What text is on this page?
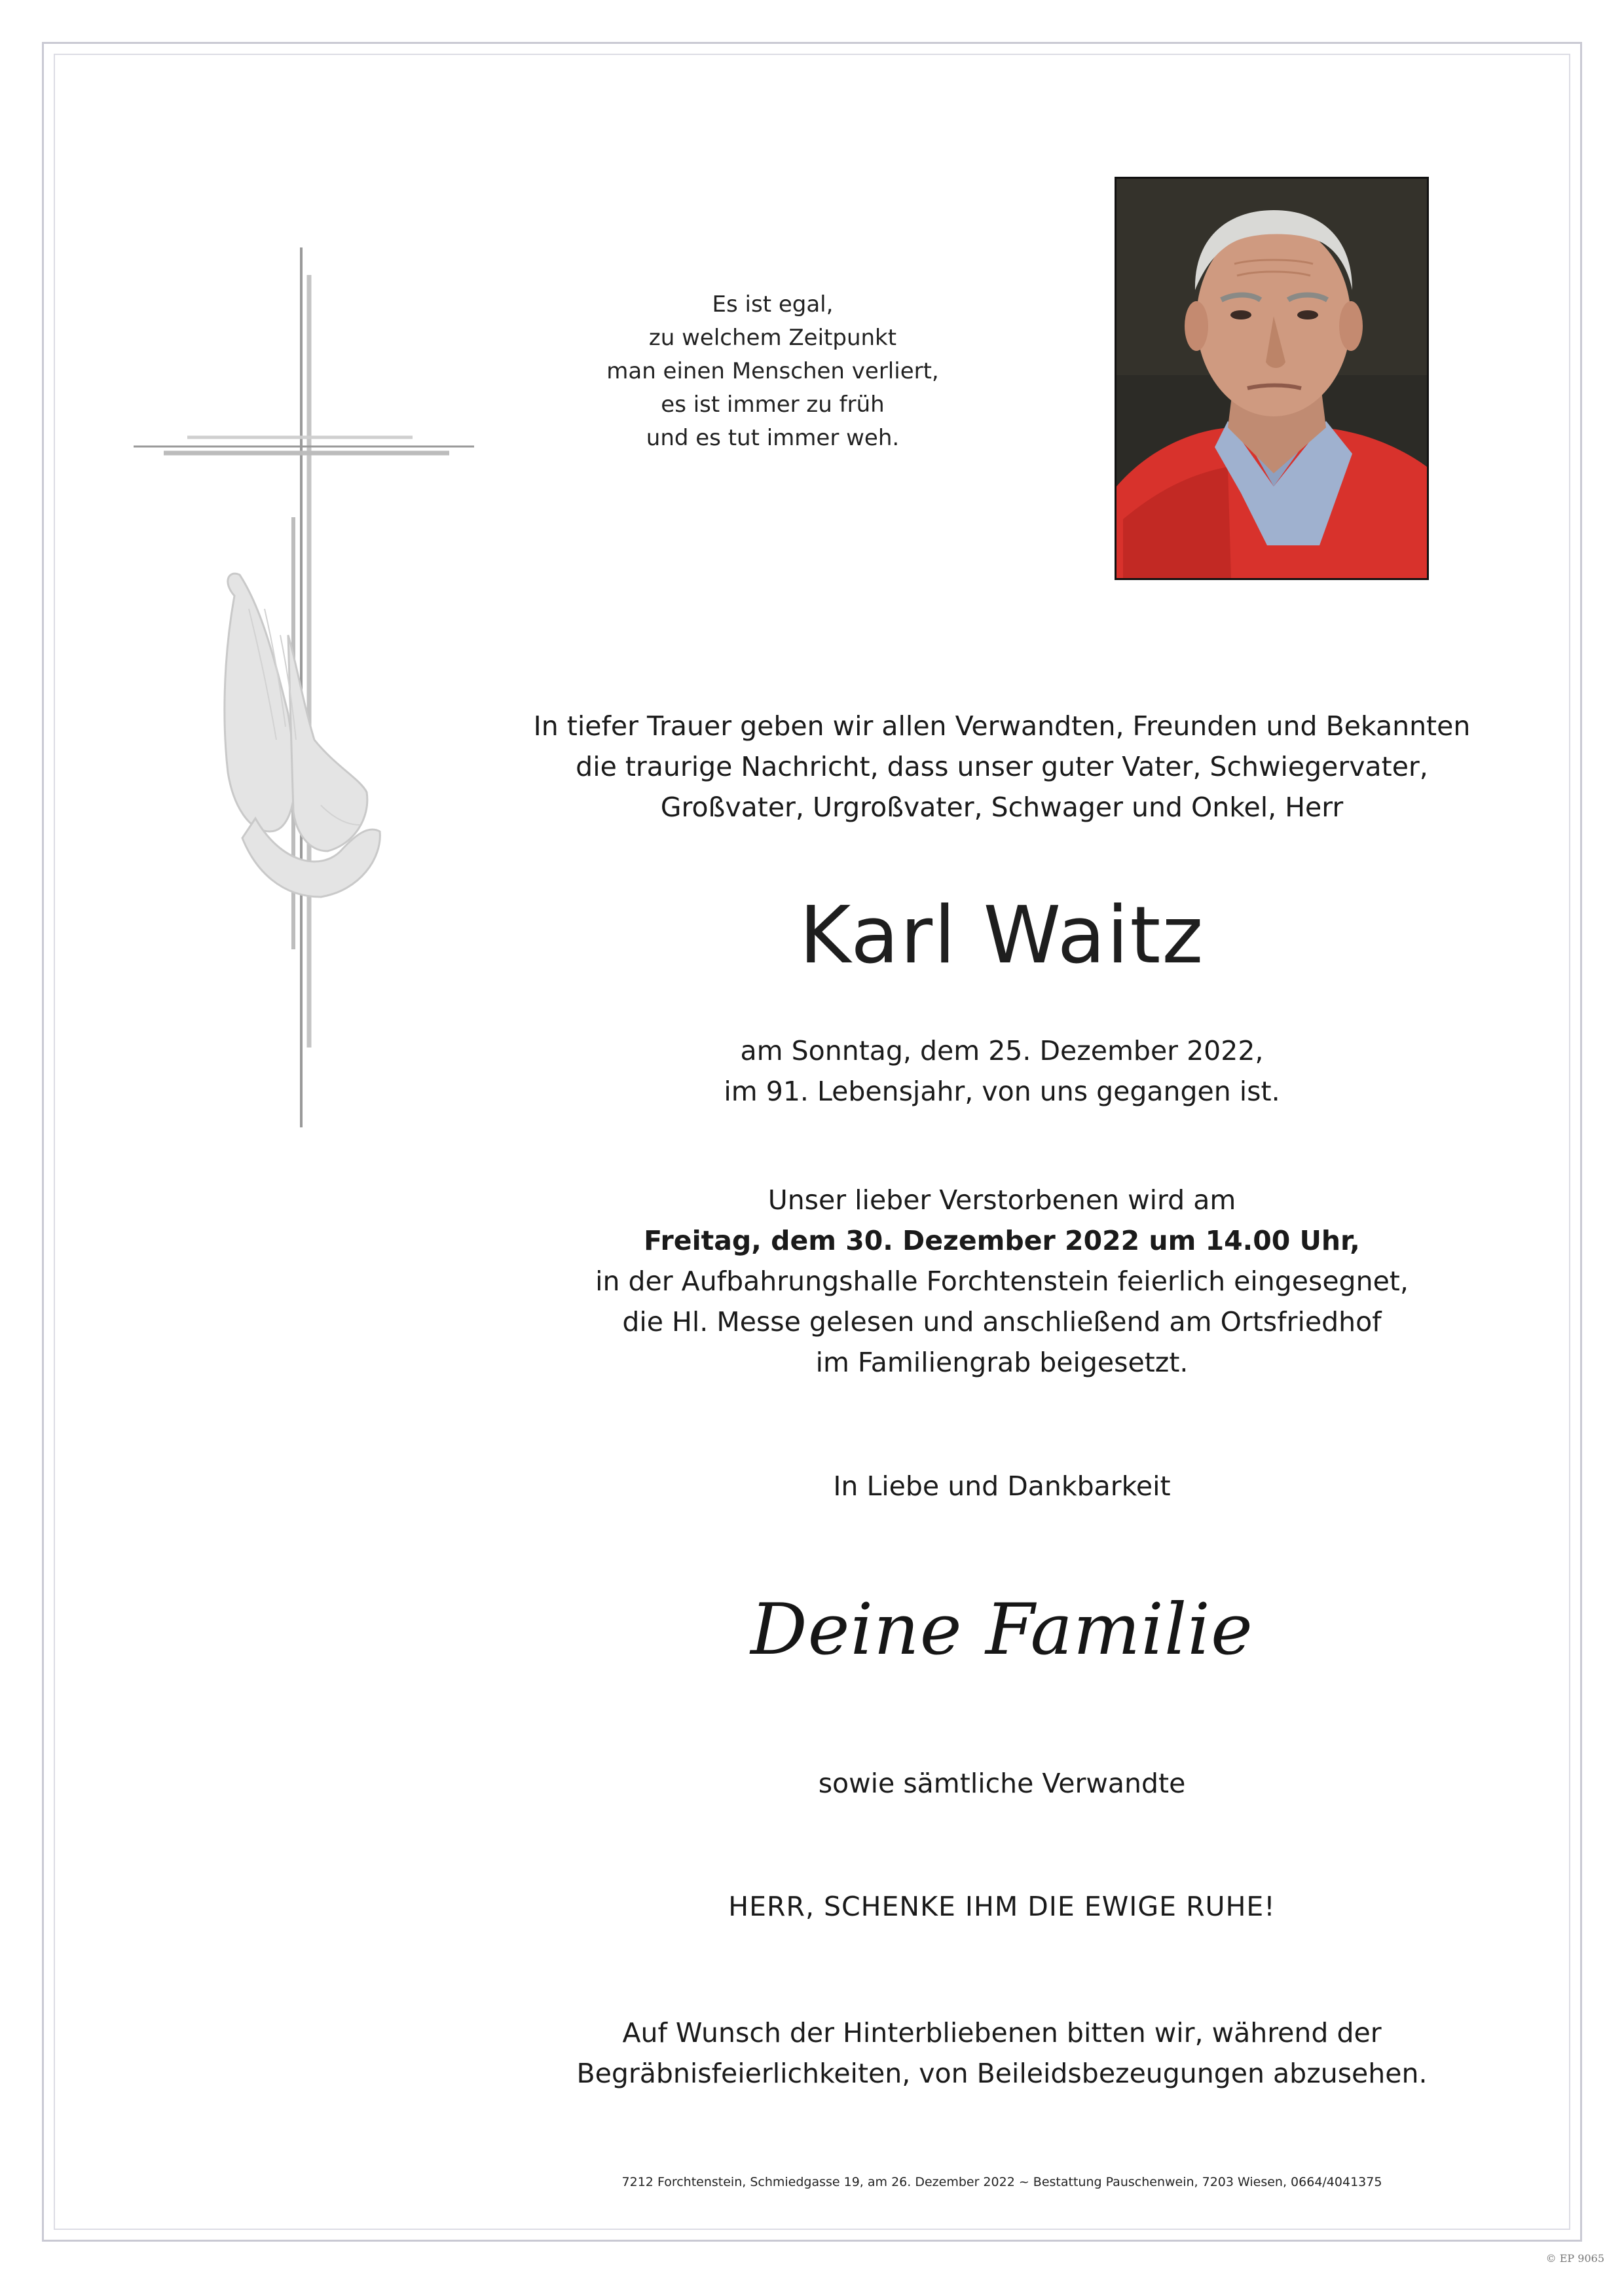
Es ist egal,
zu welchem Zeitpunkt
man einen Menschen verliert,
es ist immer zu früh
und es tut immer weh.
In tiefer Trauer geben wir allen Verwandten, Freunden und Bekannten
die traurige Nachricht, dass unser guter Vater, Schwiegervater,
Großvater, Urgroßvater, Schwager und Onkel, Herr
Karl Waitz
am Sonntag, dem 25. Dezember 2022,
im 91. Lebensjahr, von uns gegangen ist.
Unser lieber Verstorbenen wird am
Freitag, dem 30. Dezember 2022 um 14.00 Uhr,
in der Aufbahrungshalle Forchtenstein feierlich eingesegnet,
die Hl. Messe gelesen und anschließend am Ortsfriedhof
im Familiengrab beigesetzt.
In Liebe und Dankbarkeit
Deine Familie
sowie sämtliche Verwandte
HERR, SCHENKE IHM DIE EWIGE RUHE!
Auf Wunsch der Hinterbliebenen bitten wir, während der
Begräbnisfeierlichkeiten, von Beileidsbezeugungen abzusehen.
7212 Forchtenstein, Schmiedgasse 19, am 26. Dezember 2022 ~ Bestattung Pauschenwein, 7203 Wiesen, 0664/4041375
© EP 9065
